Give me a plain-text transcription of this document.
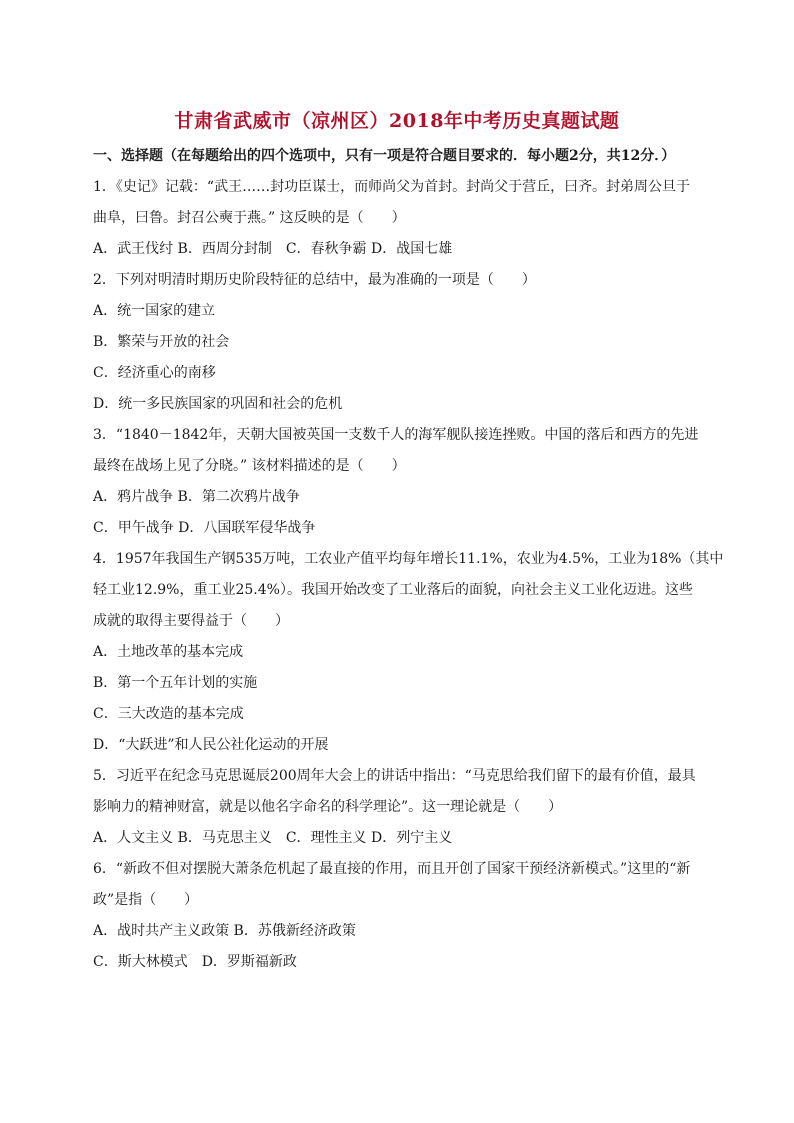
甘肃省武威市（凉州区）2018年中考历史真题试题
一、选择题（在每题给出的四个选项中，只有一项是符合题目要求的．每小题2分，共12分．）
1．《史记》记载：“武王……封功臣谋士，而师尚父为首封。封尚父于营丘，曰齐。封弟周公旦于
曲阜，曰鲁。封召公奭于燕。” 这反映的是（　　）
A．武王伐纣 B．西周分封制　C．春秋争霸 D．战国七雄
2．下列对明清时期历史阶段特征的总结中，最为准确的一项是（　　）
A．统一国家的建立
B．繁荣与开放的社会
C．经济重心的南移
D．统一多民族国家的巩固和社会的危机
3．“1840－1842年，天朝大国被英国一支数千人的海军舰队接连挫败。中国的落后和西方的先进
最终在战场上见了分晓。” 该材料描述的是（　　）
A．鸦片战争 B．第二次鸦片战争
C．甲午战争 D．八国联军侵华战争
4．1957年我国生产钢535万吨，工农业产值平均每年增长11.1%，农业为4.5%，工业为18%（其中
轻工业12.9%，重工业25.4%）。我国开始改变了工业落后的面貌，向社会主义工业化迈进。这些
成就的取得主要得益于（　　）
A．土地改革的基本完成
B．第一个五年计划的实施
C．三大改造的基本完成
D．“大跃进”和人民公社化运动的开展
5．习近平在纪念马克思诞辰200周年大会上的讲话中指出：“马克思给我们留下的最有价值，最具
影响力的精神财富，就是以他名字命名的科学理论”。这一理论就是（　　）
A．人文主义 B．马克思主义　C．理性主义 D．列宁主义
6．“新政不但对摆脱大萧条危机起了最直接的作用，而且开创了国家干预经济新模式。”这里的“新
政”是指（　　）
A．战时共产主义政策 B．苏俄新经济政策
C．斯大林模式　D．罗斯福新政
